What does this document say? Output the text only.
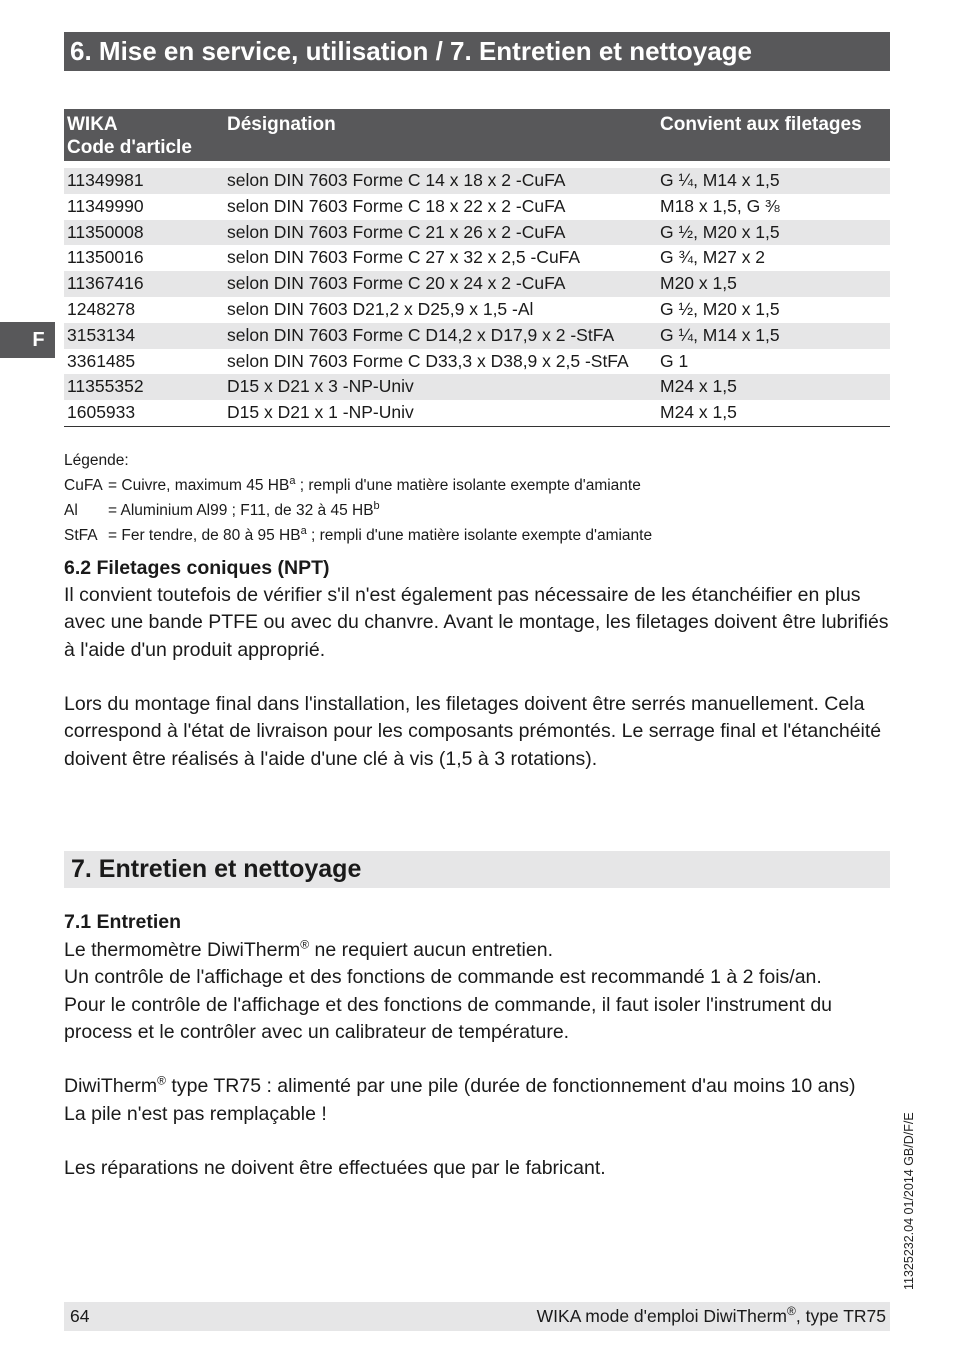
6. Mise en service, utilisation / 7. Entretien et nettoyage
F
WIKA
Code d'article	Désignation	Convient aux filetages

11349981	selon DIN 7603 Forme C 14 x 18 x 2 -CuFA	G ¼, M14 x 1,5
11349990	selon DIN 7603 Forme C 18 x 22 x 2 -CuFA	M18 x 1,5, G ⅜
11350008	selon DIN 7603 Forme C 21 x 26 x 2 -CuFA	G ½, M20 x 1,5
11350016	selon DIN 7603 Forme C 27 x 32 x 2,5 -CuFA	G ¾, M27 x 2
11367416	selon DIN 7603 Forme C 20 x 24 x 2 -CuFA	M20 x 1,5
1248278	selon DIN 7603 D21,2 x D25,9 x 1,5 -Al	G ½, M20 x 1,5
3153134	selon DIN 7603 Forme C D14,2 x D17,9 x 2 -StFA	G ¼, M14 x 1,5
3361485	selon DIN 7603 Forme C D33,3 x D38,9 x 2,5 -StFA	G 1
11355352	D15 x D21 x 3 -NP-Univ	M24 x 1,5
1605933	D15 x D21 x 1 -NP-Univ	M24 x 1,5
Légende:
CuFA = Cuivre, maximum 45 $HB^a$ ; rempli d'une matière isolante exempte d'amiante
Al = Aluminium Al99 ; F11, de 32 à 45 $HB^b$
StFA = Fer tendre, de 80 à 95 $HB^a$ ; rempli d'une matière isolante exempte d'amiante
6.2 Filetages coniques (NPT)

Il convient toutefois de vérifier s'il n'est également pas nécessaire de les étanchéifier en plus avec une bande PTFE ou avec du chanvre. Avant le montage, les filetages doivent être lubrifiés à l'aide d'un produit approprié.

Lors du montage final dans l'installation, les filetages doivent être serrés manuellement. Cela correspond à l'état de livraison pour les composants prémontés. Le serrage final et l'étanchéité doivent être réalisés à l'aide d'une clé à vis (1,5 à 3 rotations).

7. Entretien et nettoyage
7.1 Entretien

Le thermomètre DiwiTherm® ne requiert aucun entretien.

Un contrôle de l'affichage et des fonctions de commande est recommandé 1 à 2 fois/an.

Pour le contrôle de l'affichage et des fonctions de commande, il faut isoler l'instrument du process et le contrôler avec un calibrateur de température.

DiwiTherm® type TR75 : alimenté par une pile (durée de fonctionnement d'au moins 10 ans)

La pile n'est pas remplaçable !

Les réparations ne doivent être effectuées que par le fabricant.	11325232.04 01/2014 GB/D/F/E
64	WIKA mode d'emploi DiwiTherm®, type TR75
